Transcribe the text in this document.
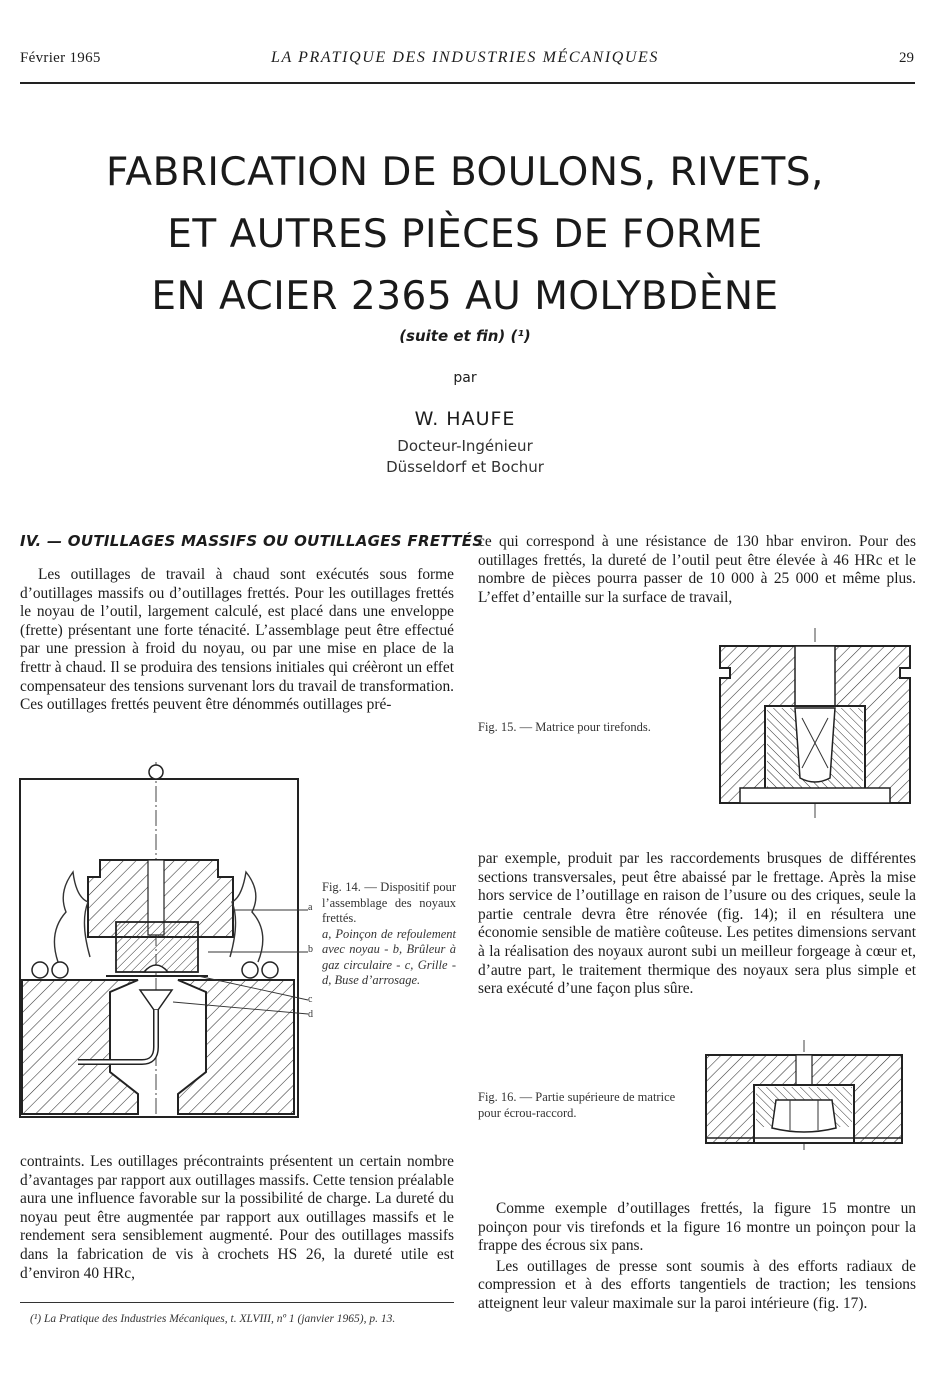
Février 1965	LA PRATIQUE DES INDUSTRIES MÉCANIQUES	29
FABRICATION DE BOULONS, RIVETS,
ET AUTRES PIÈCES DE FORME
EN ACIER 2365 AU MOLYBDÈNE
(suite et fin) (¹)
par
W. HAUFE
Docteur-Ingénieur
Düsseldorf et Bochur
IV. — OUTILLAGES MASSIFS OU OUTILLAGES FRETTÉS

Les outillages de travail à chaud sont exécutés sous forme d’outillages massifs ou d’outillages frettés. Pour les outillages frettés le noyau de l’outil, largement calculé, est placé dans une enveloppe (frette) présentant une forte ténacité. L’assemblage peut être effectué par une pression à froid du noyau, ou par une mise en place de la frettr à chaud. Il se produira des tensions initiales qui créèront un effet compensateur des tensions survenant lors du travail de transformation. Ces outillages frettés peuvent être dénommés outillages pré-

ce qui correspond à une résistance de 130 hbar environ. Pour des outillages frettés, la dureté de l’outil peut être élevée à 46 HRc et le nombre de pièces pourra passer de 10 000 à 25 000 et même plus. L’effet d’entaille sur la surface de travail,

Fig. 15. — Matrice pour tirefonds.
a
b
c
d
Fig. 14. — Dispositif pour l’assemblage des noyaux frettés.
a, Poinçon de refoulement avec noyau - b, Brûleur à gaz circulaire - c, Grille - d, Buse d’arrosage.

par exemple, produit par les raccordements brusques de différentes sections transversales, peut être abaissé par le frettage. Après la mise hors service de l’outillage en raison de l’usure ou des criques, seule la partie centrale devra être rénovée (fig. 14); il en résultera une économie sensible de matière coûteuse. Les petites dimensions servant à la réalisation des noyaux auront subi un meilleur forgeage à cœur et, d’autre part, le traitement thermique des noyaux sera plus simple et sera exécuté d’une façon plus sûre.

Fig. 16. — Partie supérieure de matrice pour écrou-raccord.

contraints. Les outillages précontraints présentent un certain nombre d’avantages par rapport aux outillages massifs. Cette tension préalable aura une influence favorable sur la possibilité de charge. La dureté du noyau peut être augmentée par rapport aux outillages massifs et le rendement sera sensiblement augmenté. Pour des outillages massifs dans la fabrication de vis à crochets HS 26, la dureté utile est d’environ 40 HRc,

Comme exemple d’outillages frettés, la figure 15 montre un poinçon pour vis tirefonds et la figure 16 montre un poinçon pour la frappe des écrous six pans.

Les outillages de presse sont soumis à des efforts radiaux de compression et à des efforts tangentiels de traction; les tensions atteignent leur valeur maximale sur la paroi intérieure (fig. 17).

(¹) La Pratique des Industries Mécaniques, t. XLVIII, nº 1 (janvier 1965), p. 13.
